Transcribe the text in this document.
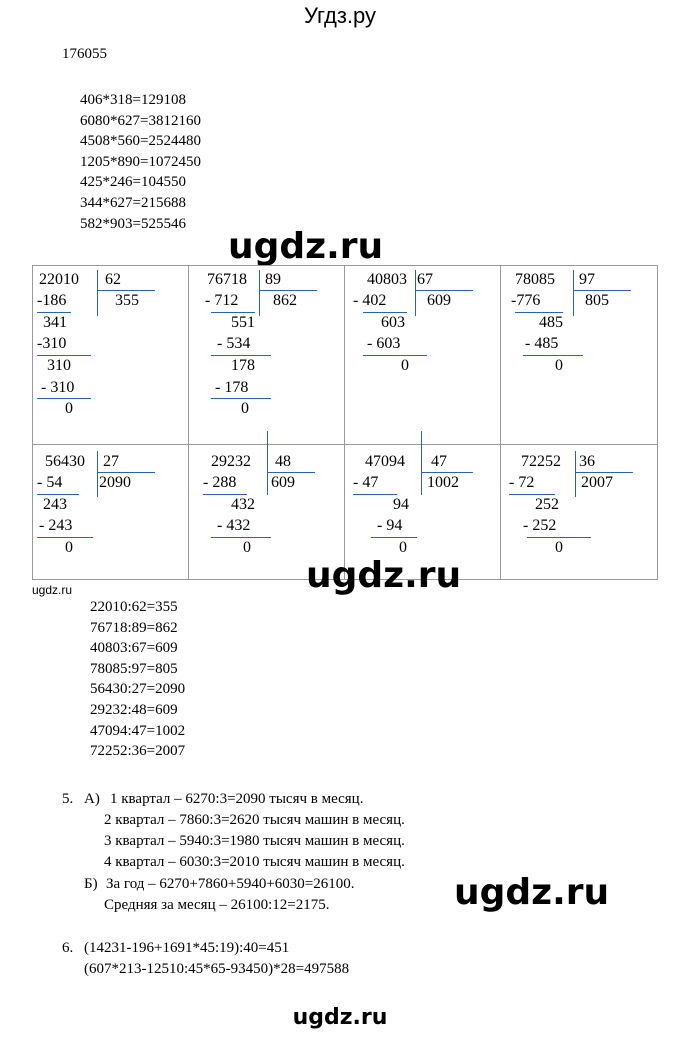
Угдз.ру
176055
406*318=129108
6080*627=3812160
4508*560=2524480
1205*890=1072450
425*246=104550
344*627=215688
582*903=525546
ugdz.ru
22010 62
-186	355
341
-310
310
- 310
0
76718 89
- 712 862
551
- 534
178
- 178
0
40803 67
- 402	609
603
- 603
0
78085 97
-776	805
485
- 485
0
56430 27
- 54 2090
243
- 243
0
29232 48
- 288 609
432
- 432
0
47094 47
- 47	1002
94
- 94
0
72252 36
- 72	2007
252
- 252
0
ugdz.ru
ugdz.ru
22010:62=355
76718:89=862
40803:67=609
78085:97=805
56430:27=2090
29232:48=609
47094:47=1002
72252:36=2007
5. А) 1 квартал – 6270:3=2090 тысяч в месяц.
2 квартал – 7860:3=2620 тысяч машин в месяц.
3 квартал – 5940:3=1980 тысяч машин в месяц.
4 квартал – 6030:3=2010 тысяч машин в месяц.
Б) За год – 6270+7860+5940+6030=26100.
Средняя за месяц – 26100:12=2175.	ugdz.ru
6. (14231-196+1691*45:19):40=451
(607*213-12510:45*65-93450)*28=497588
ugdz.ru
